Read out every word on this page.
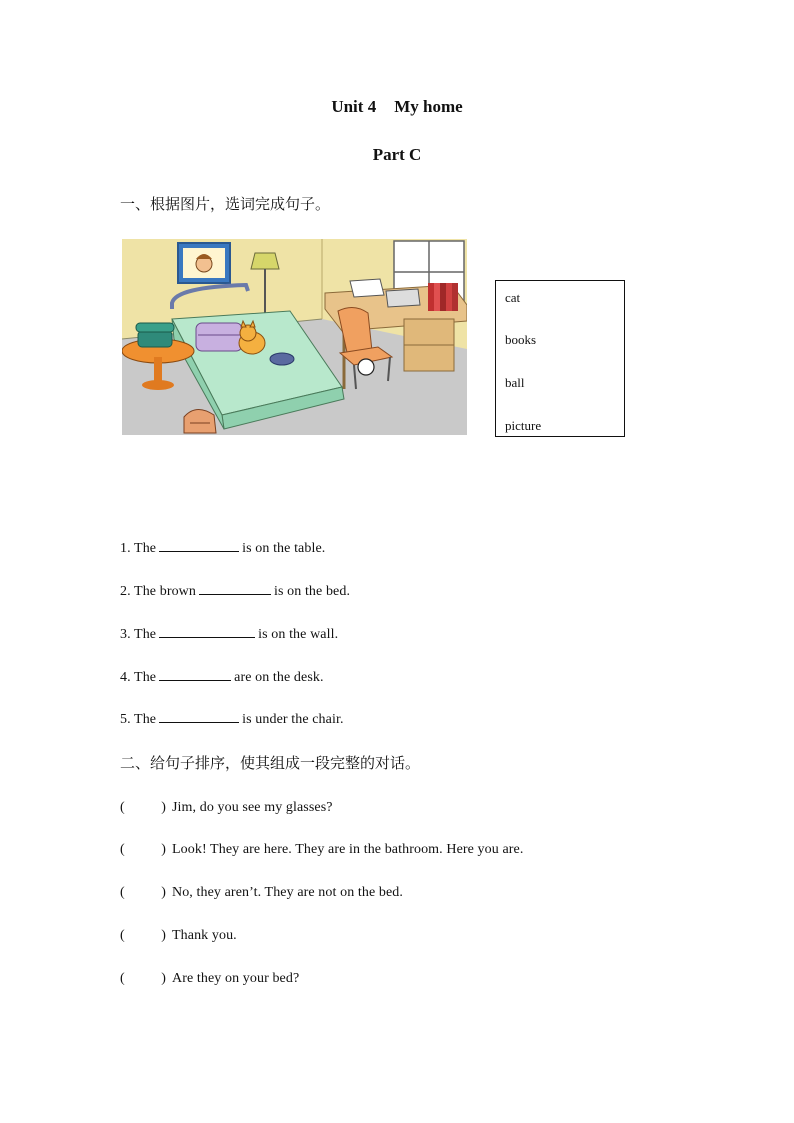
Unit 4 My home
Part C
一、根据图片，选词完成句子。
cat
books
ball
picture
1. The	is on the table.
2. The brown	is on the bed.
3. The	is on the wall.
4. The	are on the desk.
5. The	is under the chair.
二、给句子排序，使其组成一段完整的对话。
(	) Jim, do you see my glasses?
(	) Look! They are here. They are in the bathroom. Here you are.
(	) No, they aren’t. They are not on the bed.
(	) Thank you.
(	) Are they on your bed?
